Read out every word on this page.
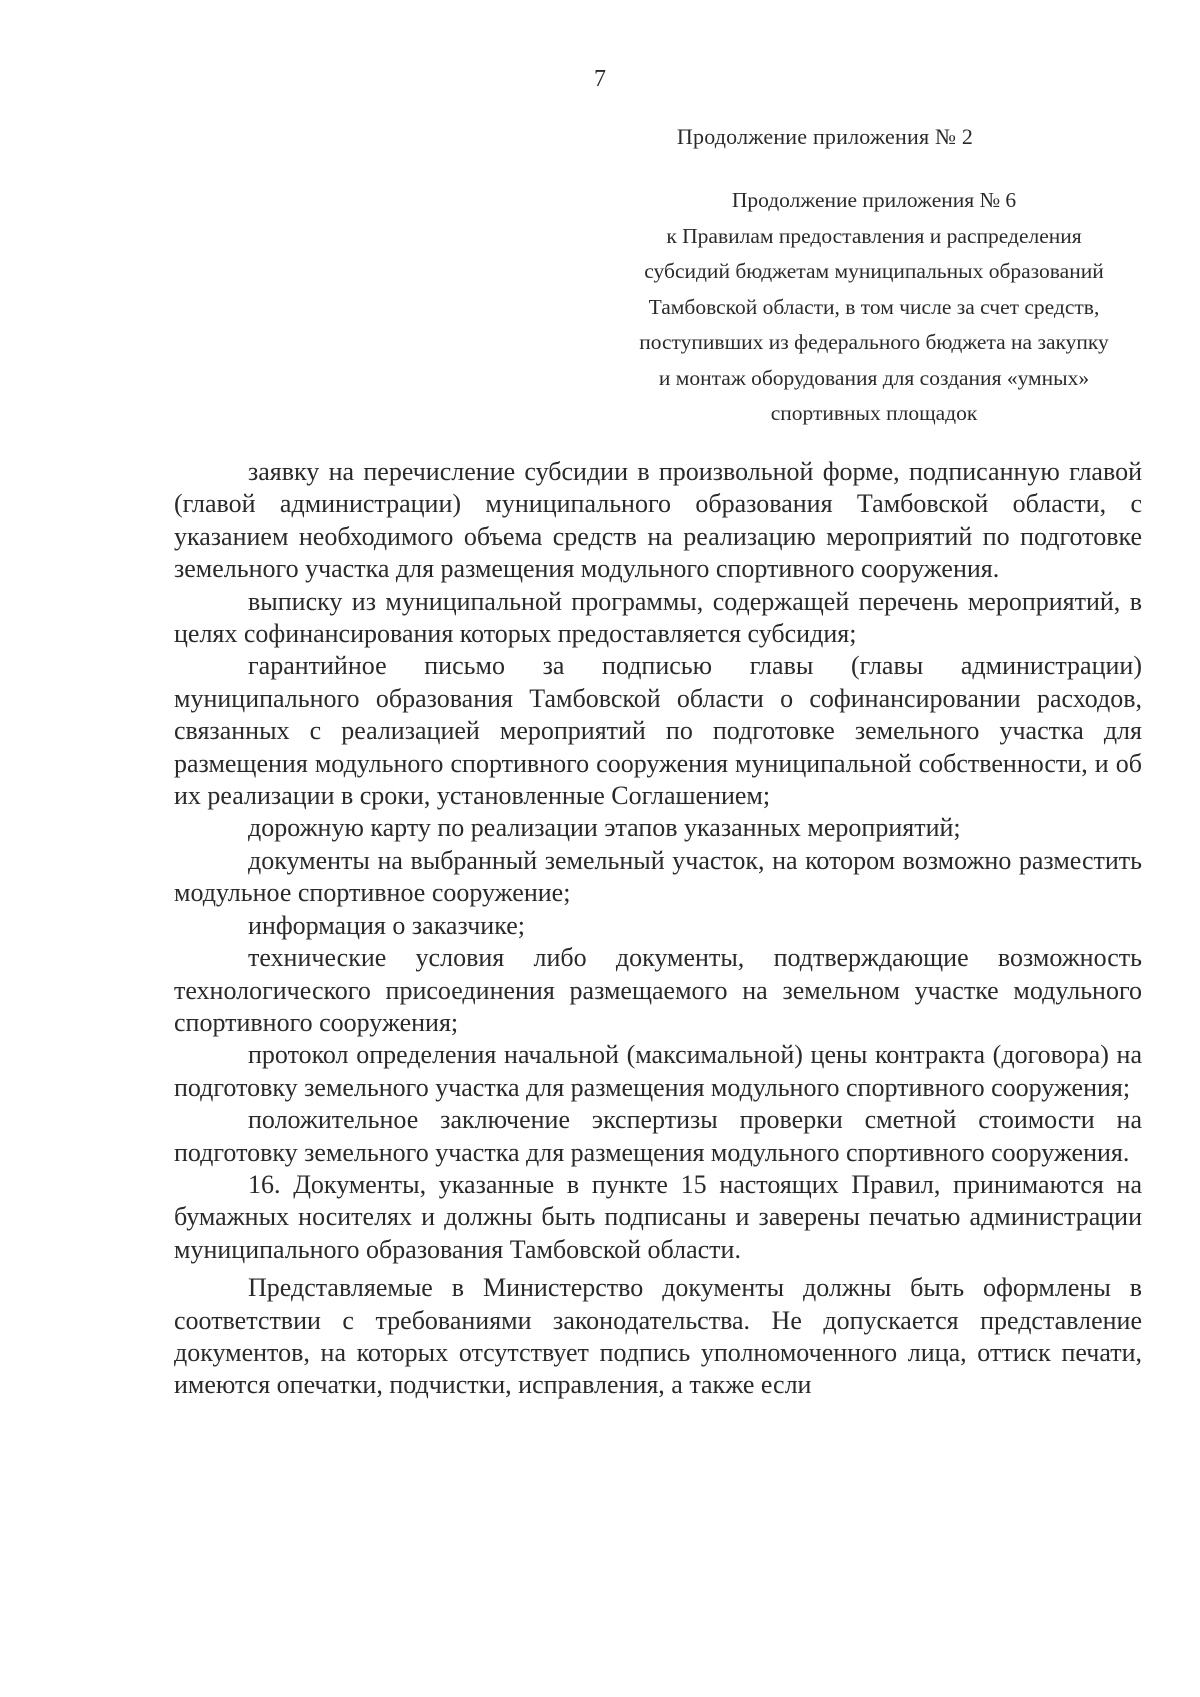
7
Продолжение приложения № 2
Продолжение приложения № 6
к Правилам предоставления и распределения
субсидий бюджетам муниципальных образований
Тамбовской области, в том числе за счет средств,
поступивших из федерального бюджета на закупку
и монтаж оборудования для создания «умных»
спортивных площадок

заявку на перечисление субсидии в произвольной форме, подписанную главой (главой администрации) муниципального образования Тамбовской области, с указанием необходимого объема средств на реализацию мероприятий по подготовке земельного участка для размещения модульного спортивного сооружения.

выписку из муниципальной программы, содержащей перечень мероприятий, в целях софинансирования которых предоставляется субсидия;

гарантийное письмо за подписью главы (главы администрации) муниципального образования Тамбовской области о софинансировании расходов, связанных с реализацией мероприятий по подготовке земельного участка для размещения модульного спортивного сооружения муниципальной собственности, и об их реализации в сроки, установленные Соглашением;

дорожную карту по реализации этапов указанных мероприятий;

документы на выбранный земельный участок, на котором возможно разместить модульное спортивное сооружение;

информация о заказчике;

технические условия либо документы, подтверждающие возможность технологического присоединения размещаемого на земельном участке модульного спортивного сооружения;

протокол определения начальной (максимальной) цены контракта (договора) на подготовку земельного участка для размещения модульного спортивного сооружения;

положительное заключение экспертизы проверки сметной стоимости на подготовку земельного участка для размещения модульного спортивного сооружения.

16. Документы, указанные в пункте 15 настоящих Правил, принимаются на бумажных носителях и должны быть подписаны и заверены печатью администрации муниципального образования Тамбовской области.

Представляемые в Министерство документы должны быть оформлены в соответствии с требованиями законодательства. Не допускается представление документов, на которых отсутствует подпись уполномоченного лица, оттиск печати, имеются опечатки, подчистки, исправления, а также если
